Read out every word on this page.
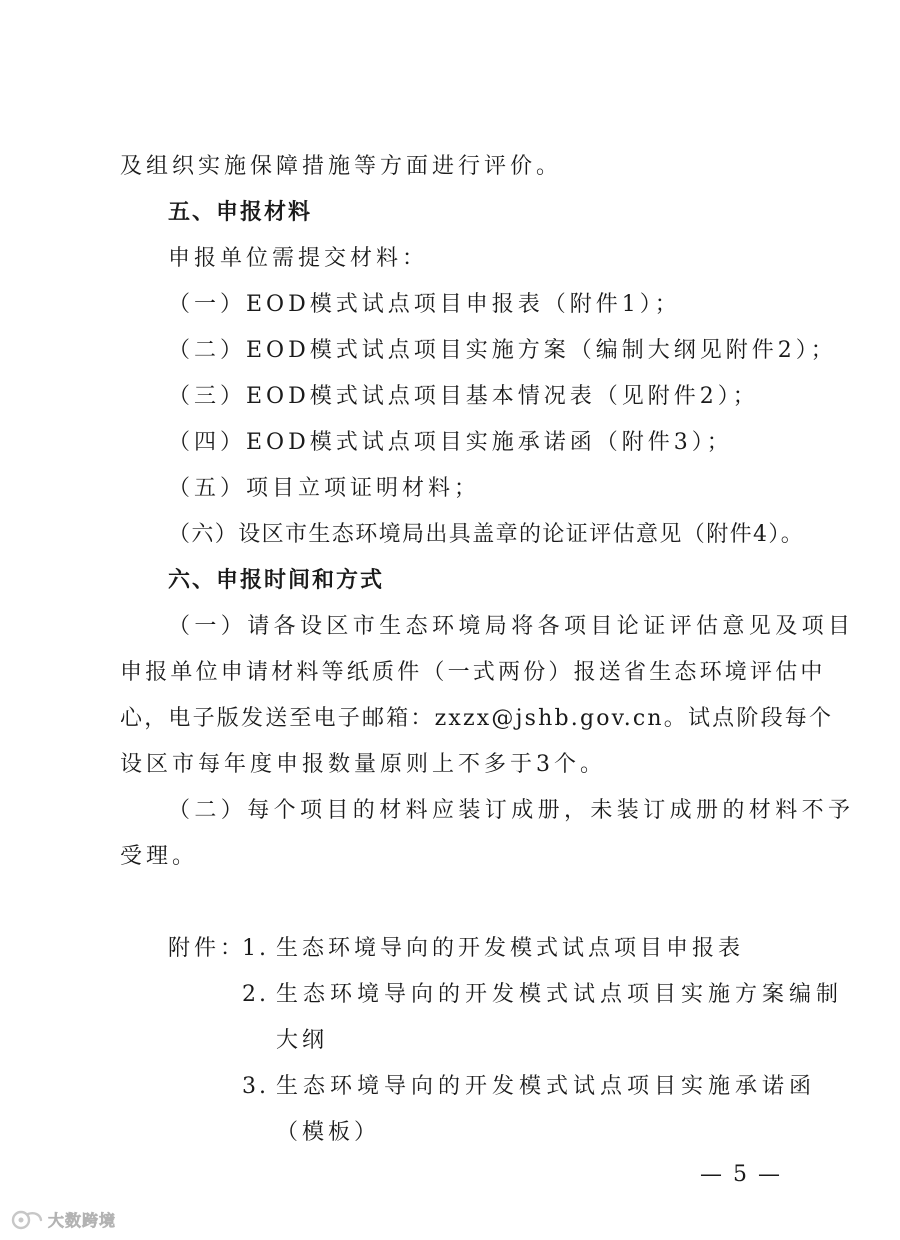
及组织实施保障措施等方面进行评价。
五、申报材料
申报单位需提交材料：
（一）EOD模式试点项目申报表（附件1）；
（二）EOD模式试点项目实施方案（编制大纲见附件2）；
（三）EOD模式试点项目基本情况表（见附件2）；
（四）EOD模式试点项目实施承诺函（附件3）；
（五）项目立项证明材料；
（六）设区市生态环境局出具盖章的论证评估意见（附件4）。
六、申报时间和方式
（一）请各设区市生态环境局将各项目论证评估意见及项目
申报单位申请材料等纸质件（一式两份）报送省生态环境评估中
心，电子版发送至电子邮箱：zxzx@jshb.gov.cn。试点阶段每个
设区市每年度申报数量原则上不多于3个。
（二）每个项目的材料应装订成册，未装订成册的材料不予
受理。
附件：
1. 生态环境导向的开发模式试点项目申报表
2. 生态环境导向的开发模式试点项目实施方案编制
大纲
3. 生态环境导向的开发模式试点项目实施承诺函
（模板）
— 5 —
大数跨境
